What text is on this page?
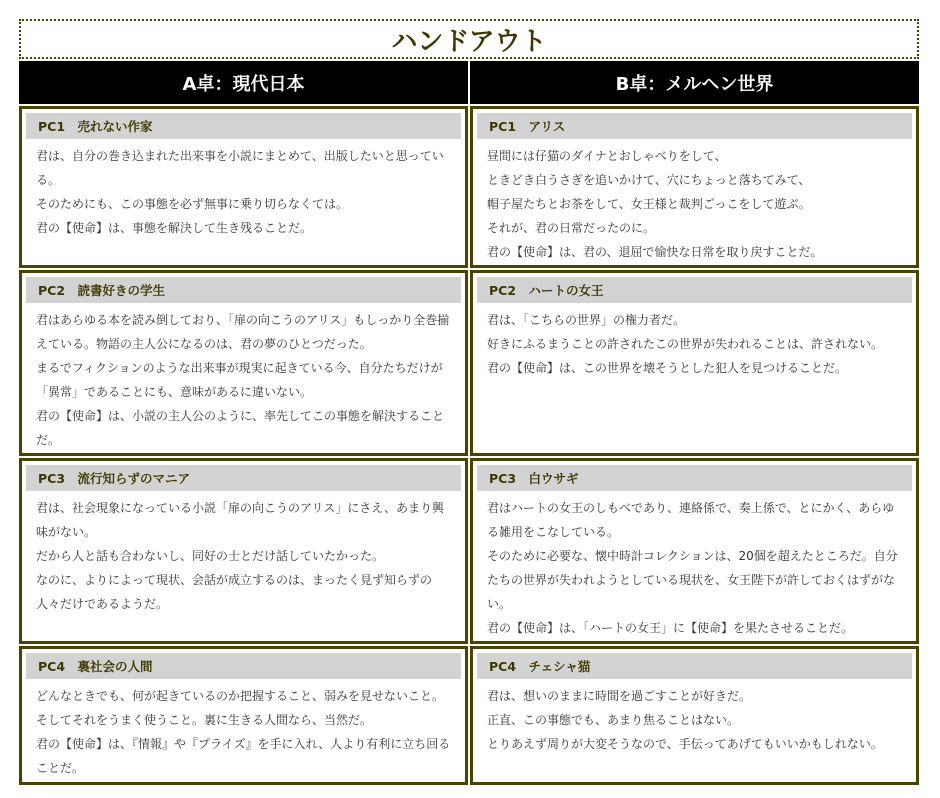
ハンドアウト
A卓：現代日本	B卓：メルヘン世界
PC1　売れない作家

君は、自分の巻き込まれた出来事を小説にまとめて、出版したいと思っている。

そのためにも、この事態を必ず無事に乗り切らなくては。

君の【使命】は、事態を解決して生き残ることだ。

PC2　読書好きの学生

君はあらゆる本を読み倒しており、「扉の向こうのアリス」もしっかり全巻揃えている。物語の主人公になるのは、君の夢のひとつだった。

まるでフィクションのような出来事が現実に起きている今、自分たちだけが「異常」であることにも、意味があるに違いない。

君の【使命】は、小説の主人公のように、率先してこの事態を解決することだ。

PC3　流行知らずのマニア

君は、社会現象になっている小説「扉の向こうのアリス」にさえ、あまり興味がない。

だから人と話も合わないし、同好の士とだけ話していたかった。

なのに、よりによって現状、会話が成立するのは、まったく見ず知らずの人々だけであるようだ。

PC4　裏社会の人間

どんなときでも、何が起きているのか把握すること、弱みを見せないこと。

そしてそれをうまく使うこと。裏に生きる人間なら、当然だ。

君の【使命】は、『情報』や『プライズ』を手に入れ、人より有利に立ち回ることだ。

PC1　アリス

昼間には仔猫のダイナとおしゃべりをして、

ときどき白うさぎを追いかけて、穴にちょっと落ちてみて、

帽子屋たちとお茶をして、女王様と裁判ごっこをして遊ぶ。

それが、君の日常だったのに。

君の【使命】は、君の、退屈で愉快な日常を取り戻すことだ。

PC2　ハートの女王

君は、「こちらの世界」の権力者だ。

好きにふるまうことの許されたこの世界が失われることは、許されない。

君の【使命】は、この世界を壊そうとした犯人を見つけることだ。

PC3　白ウサギ

君はハートの女王のしもべであり、連絡係で、奏上係で、とにかく、あらゆる雑用をこなしている。

そのために必要な、懐中時計コレクションは、20個を超えたところだ。自分たちの世界が失われようとしている現状を、女王陛下が許しておくはずがない。

君の【使命】は、「ハートの女王」に【使命】を果たさせることだ。

PC4　チェシャ猫

君は、想いのままに時間を過ごすことが好きだ。

正直、この事態でも、あまり焦ることはない。

とりあえず周りが大変そうなので、手伝ってあげてもいいかもしれない。
